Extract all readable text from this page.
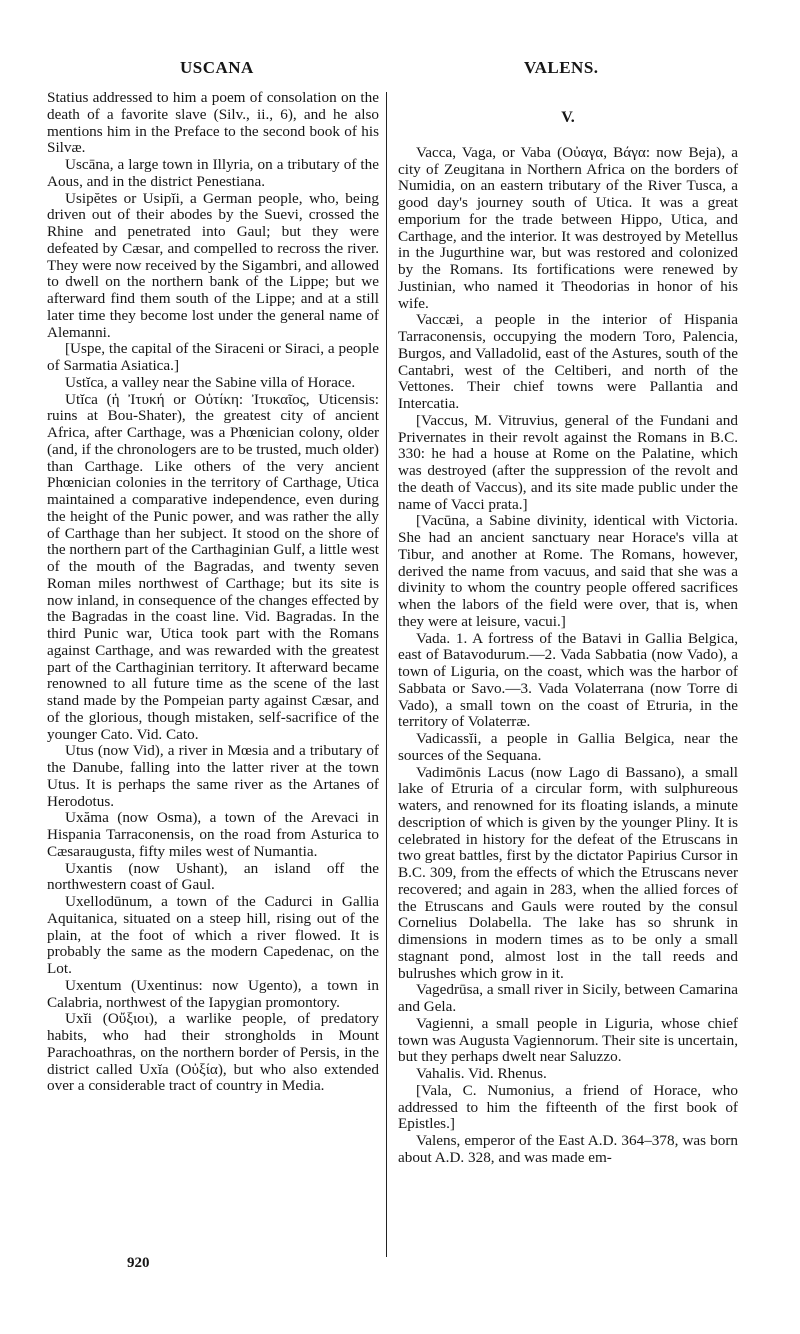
USCANA	VALENS.

Statius addressed to him a poem of consolation on the death of a favorite slave (Silv., ii., 6), and he also mentions him in the Preface to the second book of his Silvæ.

Uscāna, a large town in Illyria, on a tributary of the Aous, and in the district Penestiana.

Usipĕtes or Usipĭi, a German people, who, being driven out of their abodes by the Suevi, crossed the Rhine and penetrated into Gaul; but they were defeated by Cæsar, and compelled to recross the river. They were now received by the Sigambri, and allowed to dwell on the northern bank of the Lippe; but we afterward find them south of the Lippe; and at a still later time they become lost under the general name of Alemanni.

[Uspe, the capital of the Siraceni or Siraci, a people of Sarmatia Asiatica.]

Ustĭca, a valley near the Sabine villa of Horace.

Utĭca (ἡ Ἰτυκή or Οὐτίκη: Ἰτυκαῖος, Uticensis: ruins at Bou-Shater), the greatest city of ancient Africa, after Carthage, was a Phœnician colony, older (and, if the chronologers are to be trusted, much older) than Carthage. Like others of the very ancient Phœnician colonies in the territory of Carthage, Utica maintained a comparative independence, even during the height of the Punic power, and was rather the ally of Carthage than her subject. It stood on the shore of the northern part of the Carthaginian Gulf, a little west of the mouth of the Bagradas, and twenty seven Roman miles northwest of Carthage; but its site is now inland, in consequence of the changes effected by the Bagradas in the coast line. Vid. Bagradas. In the third Punic war, Utica took part with the Romans against Carthage, and was rewarded with the greatest part of the Carthaginian territory. It afterward became renowned to all future time as the scene of the last stand made by the Pompeian party against Cæsar, and of the glorious, though mistaken, self-sacrifice of the younger Cato. Vid. Cato.

Utus (now Vid), a river in Mœsia and a tributary of the Danube, falling into the latter river at the town Utus. It is perhaps the same river as the Artanes of Herodotus.

Uxăma (now Osma), a town of the Arevaci in Hispania Tarraconensis, on the road from Asturica to Cæsaraugusta, fifty miles west of Numantia.

Uxantis (now Ushant), an island off the northwestern coast of Gaul.

Uxellodūnum, a town of the Cadurci in Gallia Aquitanica, situated on a steep hill, rising out of the plain, at the foot of which a river flowed. It is probably the same as the modern Capedenac, on the Lot.

Uxentum (Uxentinus: now Ugento), a town in Calabria, northwest of the Iapygian promontory.

Uxĭi (Οὔξιοι), a warlike people, of predatory habits, who had their strongholds in Mount Parachoathras, on the northern border of Persis, in the district called Uxĭa (Οὐξία), but who also extended over a considerable tract of country in Media.

V.

Vacca, Vaga, or Vaba (Οὐαγα, Βάγα: now Beja), a city of Zeugitana in Northern Africa on the borders of Numidia, on an eastern tributary of the River Tusca, a good day's journey south of Utica. It was a great emporium for the trade between Hippo, Utica, and Carthage, and the interior. It was destroyed by Metellus in the Jugurthine war, but was restored and colonized by the Romans. Its fortifications were renewed by Justinian, who named it Theodorias in honor of his wife.

Vaccæi, a people in the interior of Hispania Tarraconensis, occupying the modern Toro, Palencia, Burgos, and Valladolid, east of the Astures, south of the Cantabri, west of the Celtiberi, and north of the Vettones. Their chief towns were Pallantia and Intercatia.

[Vaccus, M. Vitruvius, general of the Fundani and Privernates in their revolt against the Romans in B.C. 330: he had a house at Rome on the Palatine, which was destroyed (after the suppression of the revolt and the death of Vaccus), and its site made public under the name of Vacci prata.]

[Vacūna, a Sabine divinity, identical with Victoria. She had an ancient sanctuary near Horace's villa at Tibur, and another at Rome. The Romans, however, derived the name from vacuus, and said that she was a divinity to whom the country people offered sacrifices when the labors of the field were over, that is, when they were at leisure, vacui.]

Vada. 1. A fortress of the Batavi in Gallia Belgica, east of Batavodurum.—2. Vada Sabbatia (now Vado), a town of Liguria, on the coast, which was the harbor of Sabbata or Savo.—3. Vada Volaterrana (now Torre di Vado), a small town on the coast of Etruria, in the territory of Volaterræ.

Vadicassĭi, a people in Gallia Belgica, near the sources of the Sequana.

Vadimōnis Lacus (now Lago di Bassano), a small lake of Etruria of a circular form, with sulphureous waters, and renowned for its floating islands, a minute description of which is given by the younger Pliny. It is celebrated in history for the defeat of the Etruscans in two great battles, first by the dictator Papirius Cursor in B.C. 309, from the effects of which the Etruscans never recovered; and again in 283, when the allied forces of the Etruscans and Gauls were routed by the consul Cornelius Dolabella. The lake has so shrunk in dimensions in modern times as to be only a small stagnant pond, almost lost in the tall reeds and bulrushes which grow in it.

Vagedrūsa, a small river in Sicily, between Camarina and Gela.

Vagienni, a small people in Liguria, whose chief town was Augusta Vagiennorum. Their site is uncertain, but they perhaps dwelt near Saluzzo.

Vahalis. Vid. Rhenus.

[Vala, C. Numonius, a friend of Horace, who addressed to him the fifteenth of the first book of Epistles.]

Valens, emperor of the East A.D. 364–378, was born about A.D. 328, and was made em-

920
